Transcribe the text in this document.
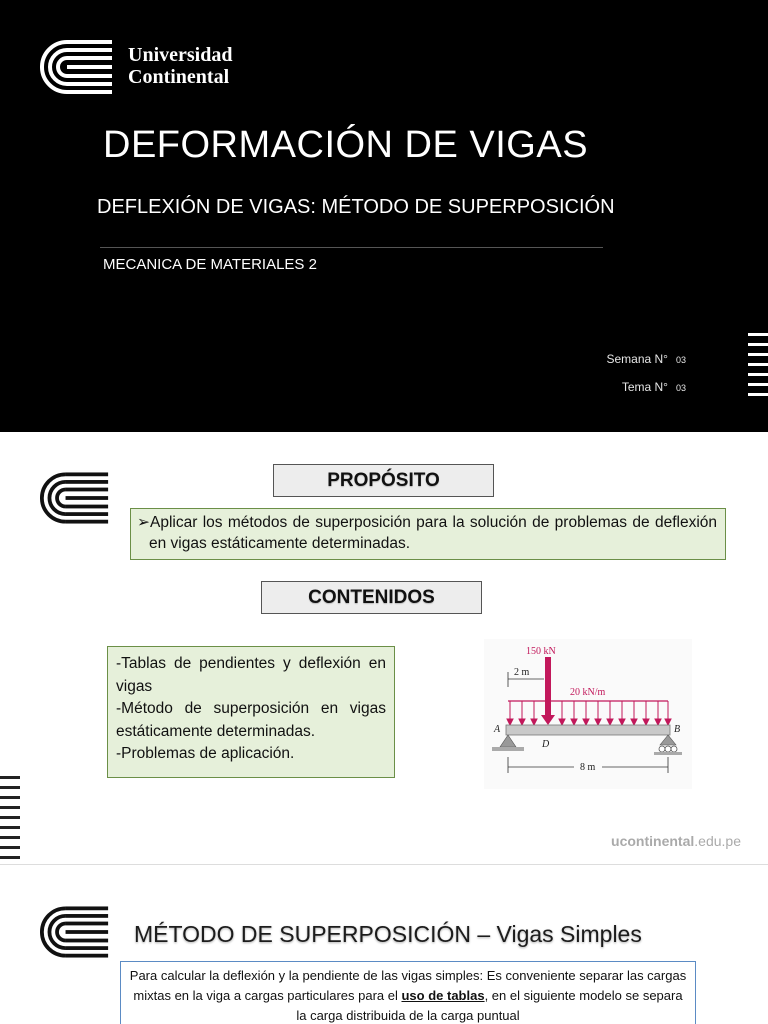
Universidad
Continental
DEFORMACIÓN DE VIGAS
DEFLEXIÓN DE VIGAS: MÉTODO DE SUPERPOSICIÓN
MECANICA DE MATERIALES 2
Semana N° 03
Tema N° 03
PROPÓSITO
➢Aplicar los métodos de superposición para la solución de problemas de deflexión en vigas estáticamente determinadas.
CONTENIDOS
-Tablas de pendientes y deflexión en vigas
-Método de superposición en vigas estáticamente determinadas.
-Problemas de aplicación.
150 kN
2 m
20 kN/m
A	B
D
8 m
ucontinental.edu.pe
MÉTODO DE SUPERPOSICIÓN – Vigas Simples
Para calcular la deflexión y la pendiente de las vigas simples: Es conveniente separar las cargas mixtas en la viga a cargas particulares para el uso de tablas, en el siguiente modelo se separa la carga distribuida de la carga puntual
